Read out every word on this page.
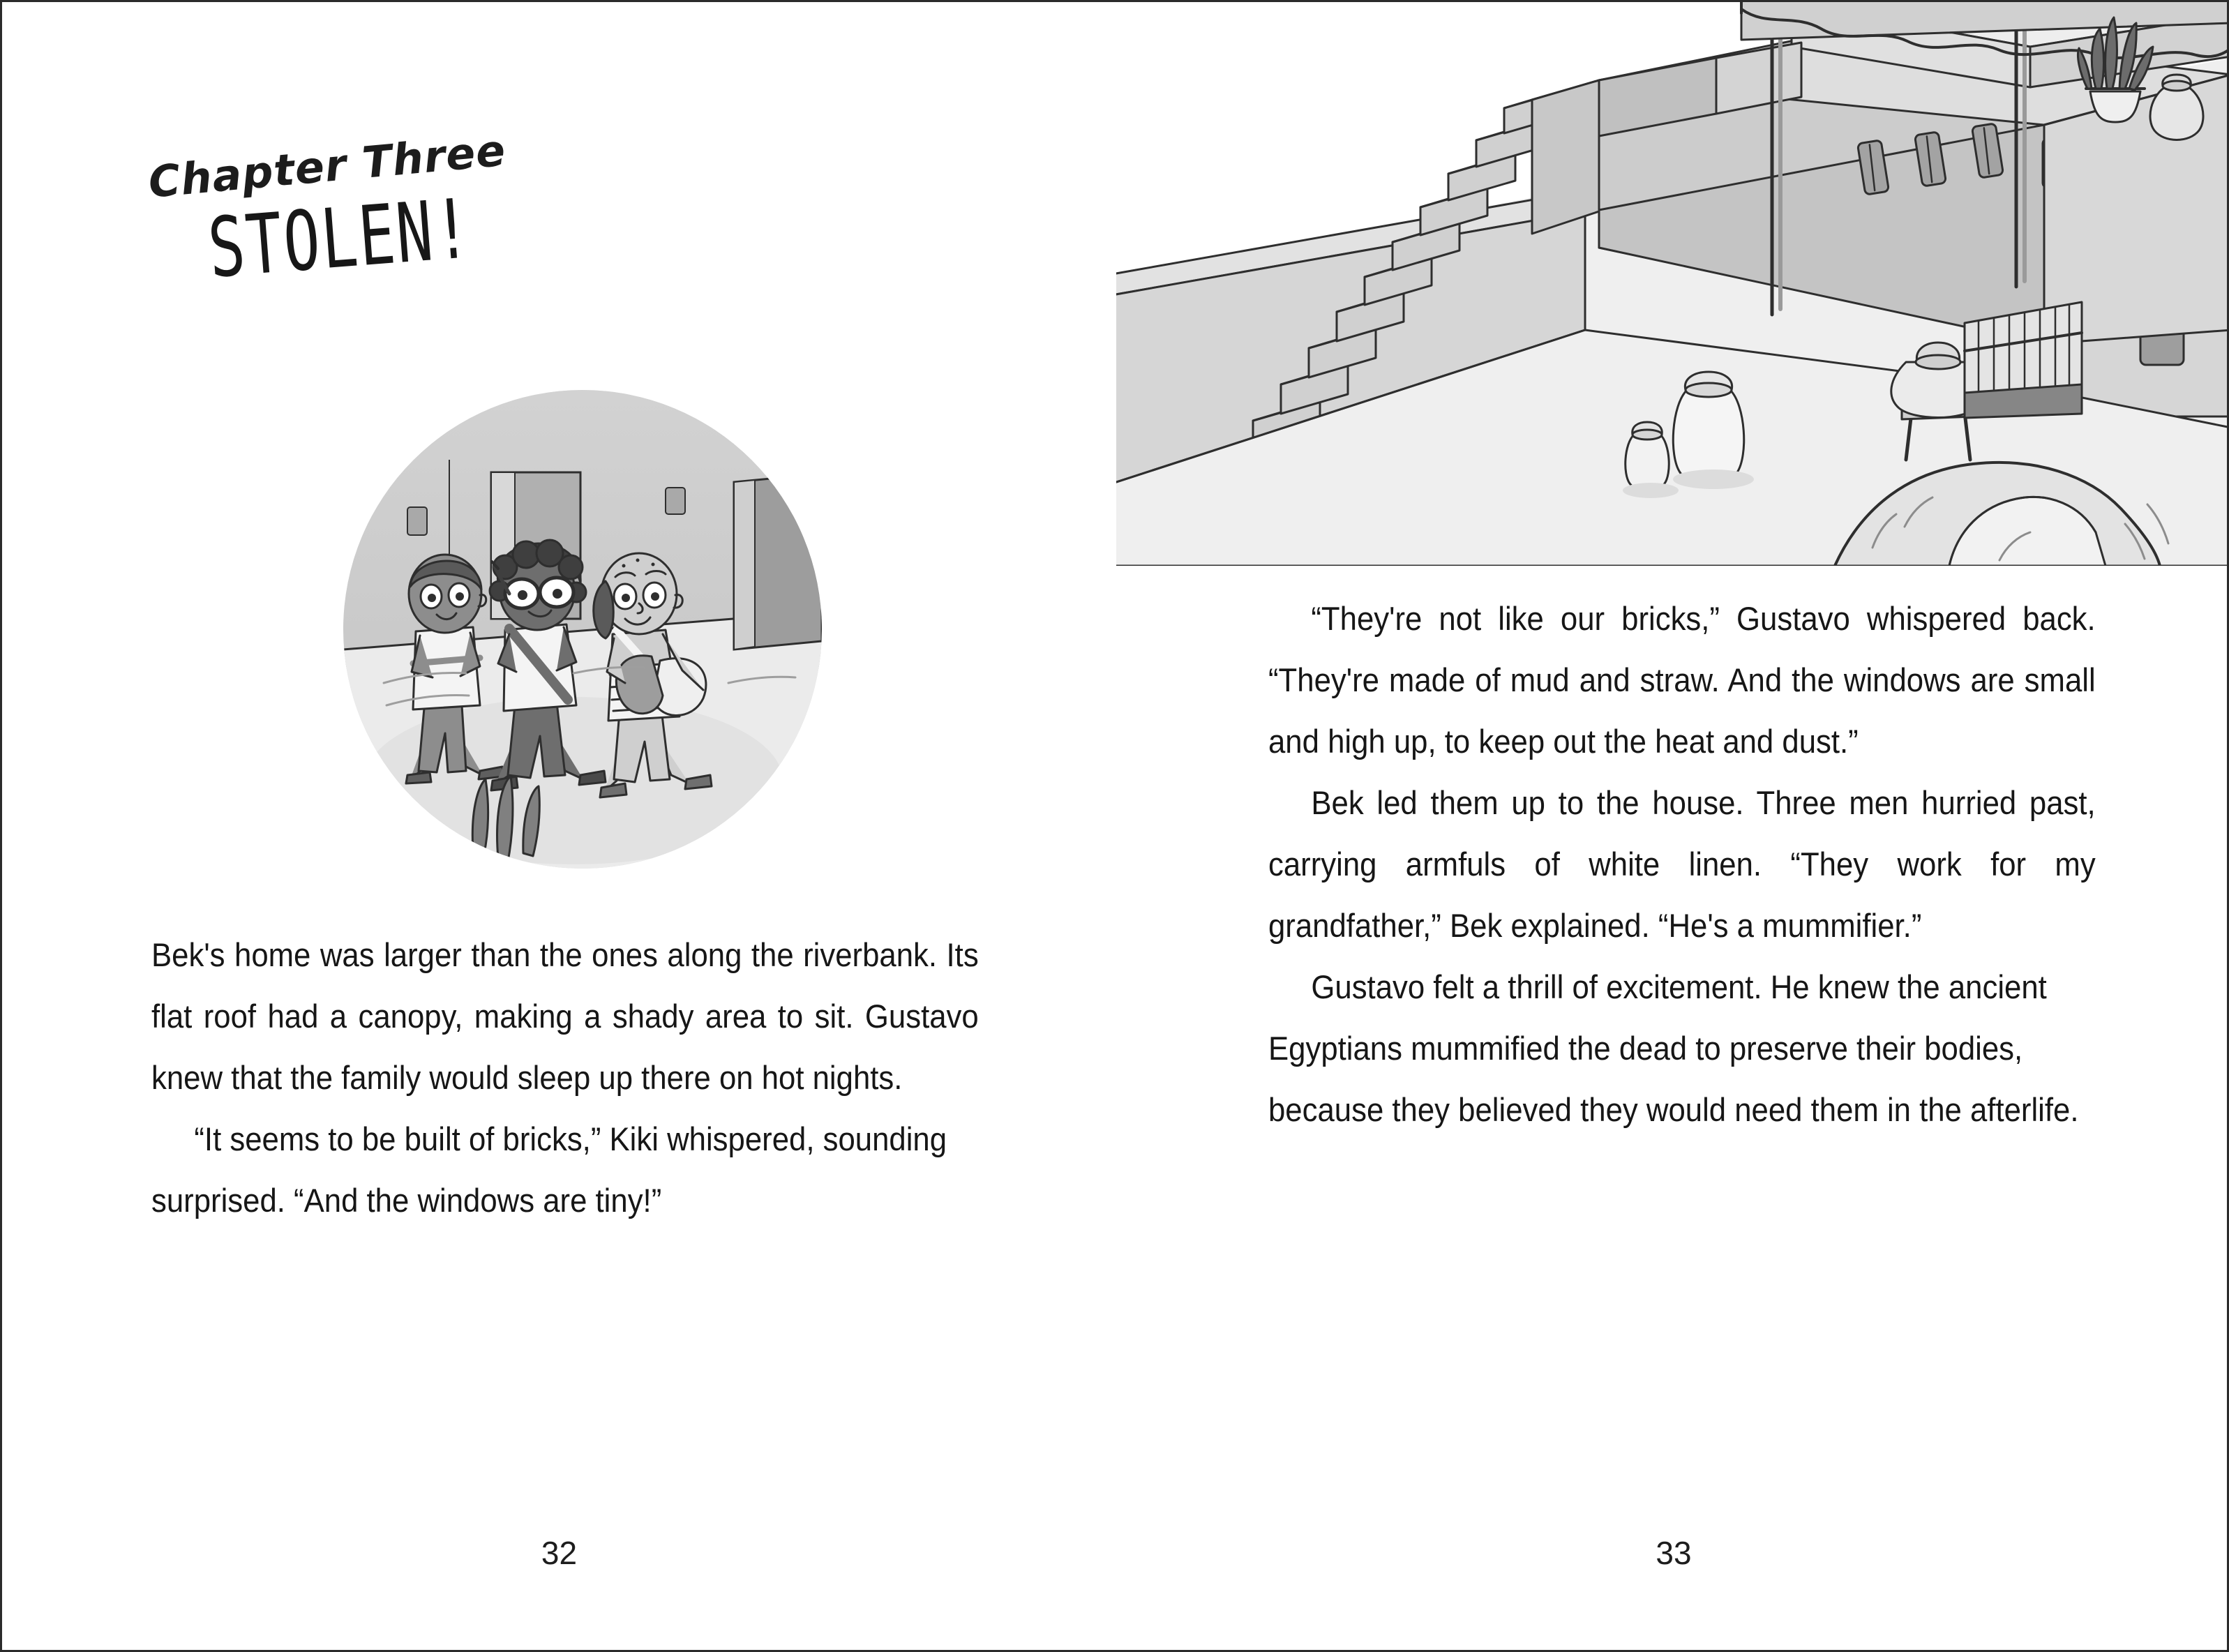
Chapter Three
STOLEN!

Bek's home was larger than the ones along the riverbank. Its flat roof had a canopy, making a shady area to sit. Gustavo knew that the family would sleep up there on hot nights.

“It seems to be built of bricks,” Kiki whispered, sounding surprised. “And the windows are tiny!”

32

“They're not like our bricks,” Gustavo whispered back. “They're made of mud and straw. And the windows are small and high up, to keep out the heat and dust.”

Bek led them up to the house. Three men hurried past, carrying armfuls of white linen. “They work for my grandfather,” Bek explained. “He's a mummifier.”

Gustavo felt a thrill of excitement. He knew the ancient Egyptians mummified the dead to preserve their bodies, because they believed they would need them in the afterlife.

33
